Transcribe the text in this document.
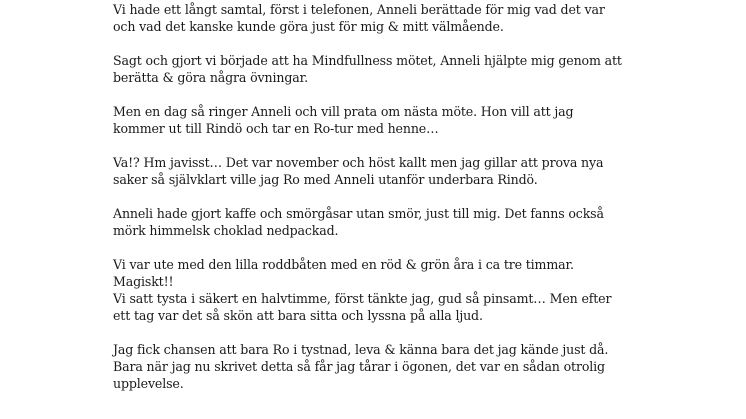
Vi hade ett långt samtal, först i telefonen, Anneli berättade för mig vad det var
och vad det kanske kunde göra just för mig & mitt välmående.

Sagt och gjort vi började att ha Mindfullness mötet, Anneli hjälpte mig genom att
berätta & göra några övningar.

Men en dag så ringer Anneli och vill prata om nästa möte. Hon vill att jag
kommer ut till Rindö och tar en Ro-tur med henne…

Va!? Hm javisst… Det var november och höst kallt men jag gillar att prova nya
saker så självklart ville jag Ro med Anneli utanför underbara Rindö.

Anneli hade gjort kaffe och smörgåsar utan smör, just till mig. Det fanns också
mörk himmelsk choklad nedpackad.

Vi var ute med den lilla roddbåten med en röd & grön åra i ca tre timmar.
Magiskt!!
Vi satt tysta i säkert en halvtimme, först tänkte jag, gud så pinsamt… Men efter
ett tag var det så skön att bara sitta och lyssna på alla ljud.

Jag fick chansen att bara Ro i tystnad, leva & känna bara det jag kände just då.
Bara när jag nu skrivet detta så får jag tårar i ögonen, det var en sådan otrolig
upplevelse.
